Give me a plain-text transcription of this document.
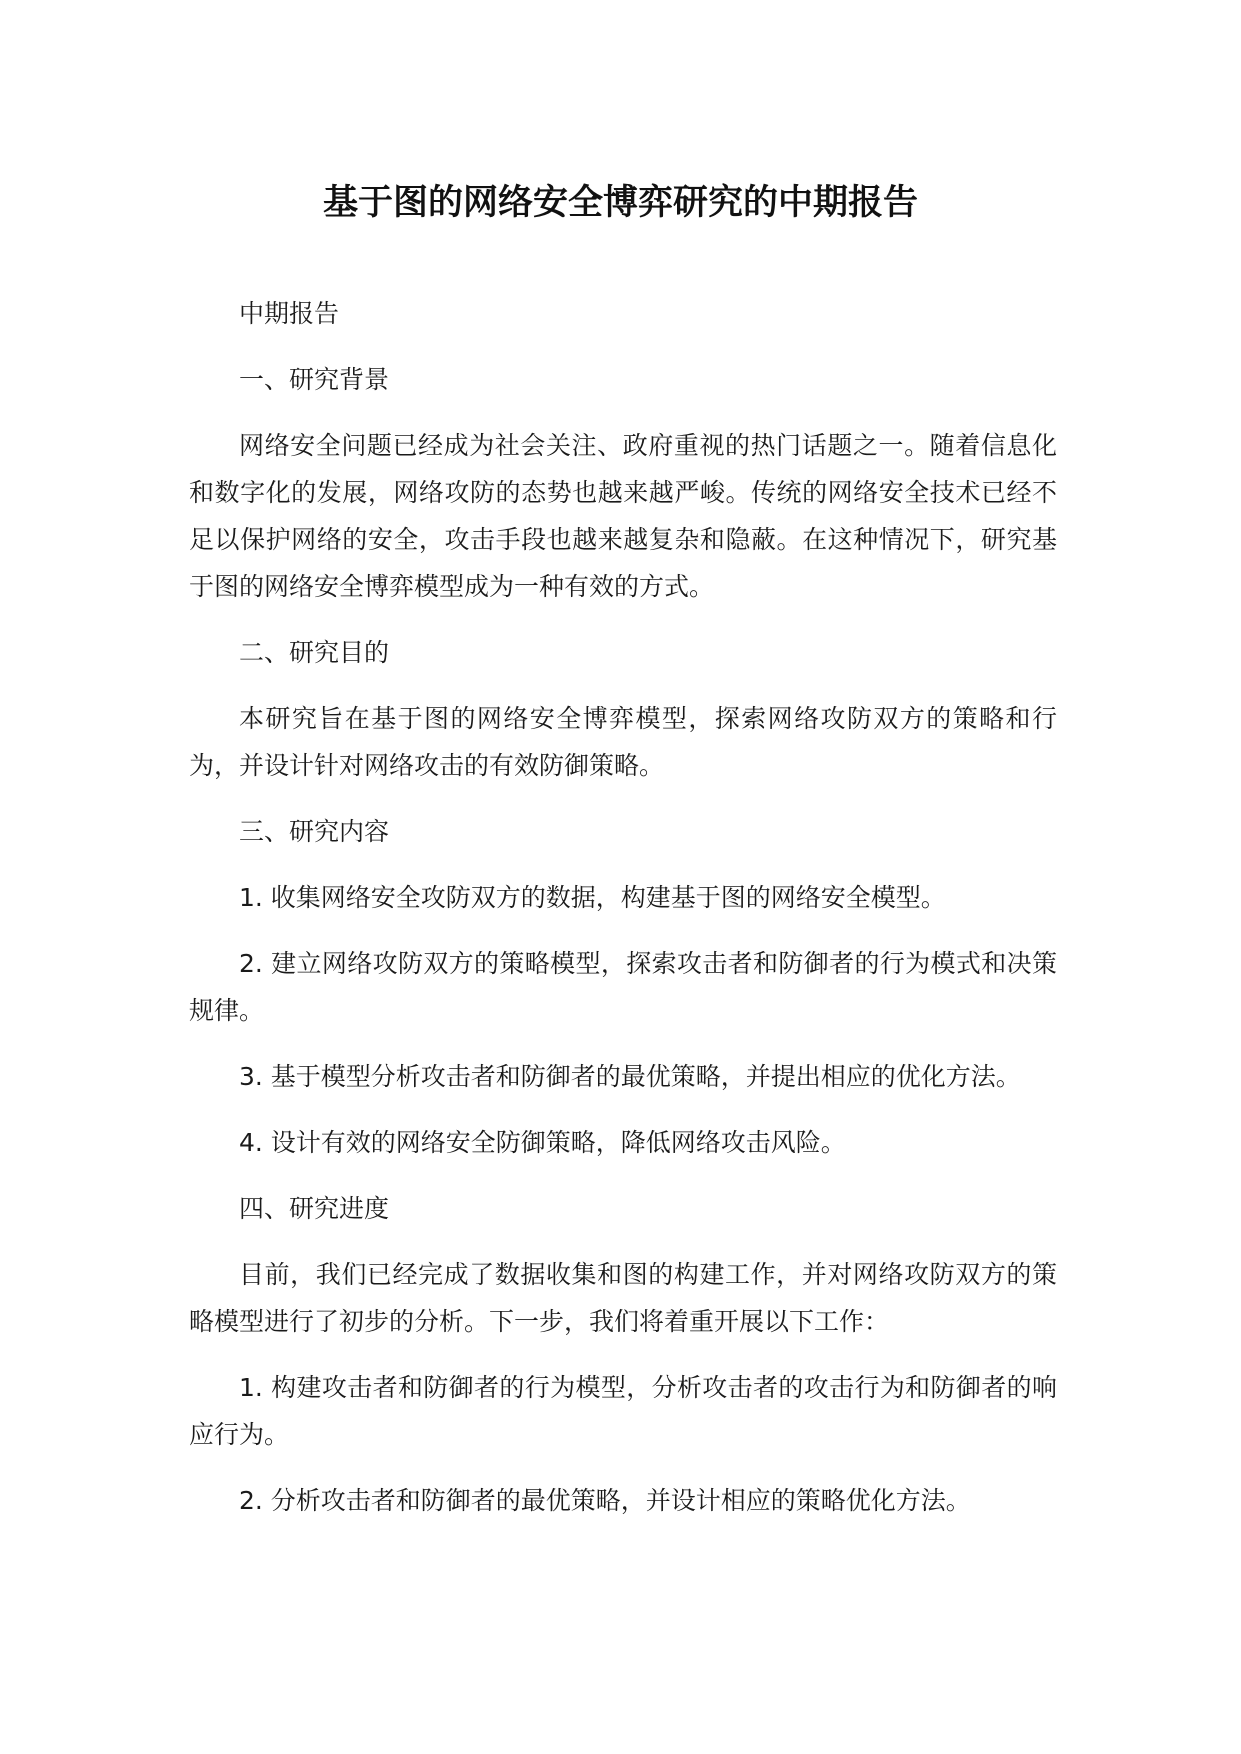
基于图的网络安全博弈研究的中期报告

中期报告

一、研究背景

网络安全问题已经成为社会关注、政府重视的热门话题之一。随着信息化和数字化的发展，网络攻防的态势也越来越严峻。传统的网络安全技术已经不足以保护网络的安全，攻击手段也越来越复杂和隐蔽。在这种情况下，研究基于图的网络安全博弈模型成为一种有效的方式。

二、研究目的

本研究旨在基于图的网络安全博弈模型，探索网络攻防双方的策略和行为，并设计针对网络攻击的有效防御策略。

三、研究内容

1. 收集网络安全攻防双方的数据，构建基于图的网络安全模型。

2. 建立网络攻防双方的策略模型，探索攻击者和防御者的行为模式和决策规律。

3. 基于模型分析攻击者和防御者的最优策略，并提出相应的优化方法。

4. 设计有效的网络安全防御策略，降低网络攻击风险。

四、研究进度

目前，我们已经完成了数据收集和图的构建工作，并对网络攻防双方的策略模型进行了初步的分析。下一步，我们将着重开展以下工作：

1. 构建攻击者和防御者的行为模型，分析攻击者的攻击行为和防御者的响应行为。

2. 分析攻击者和防御者的最优策略，并设计相应的策略优化方法。
